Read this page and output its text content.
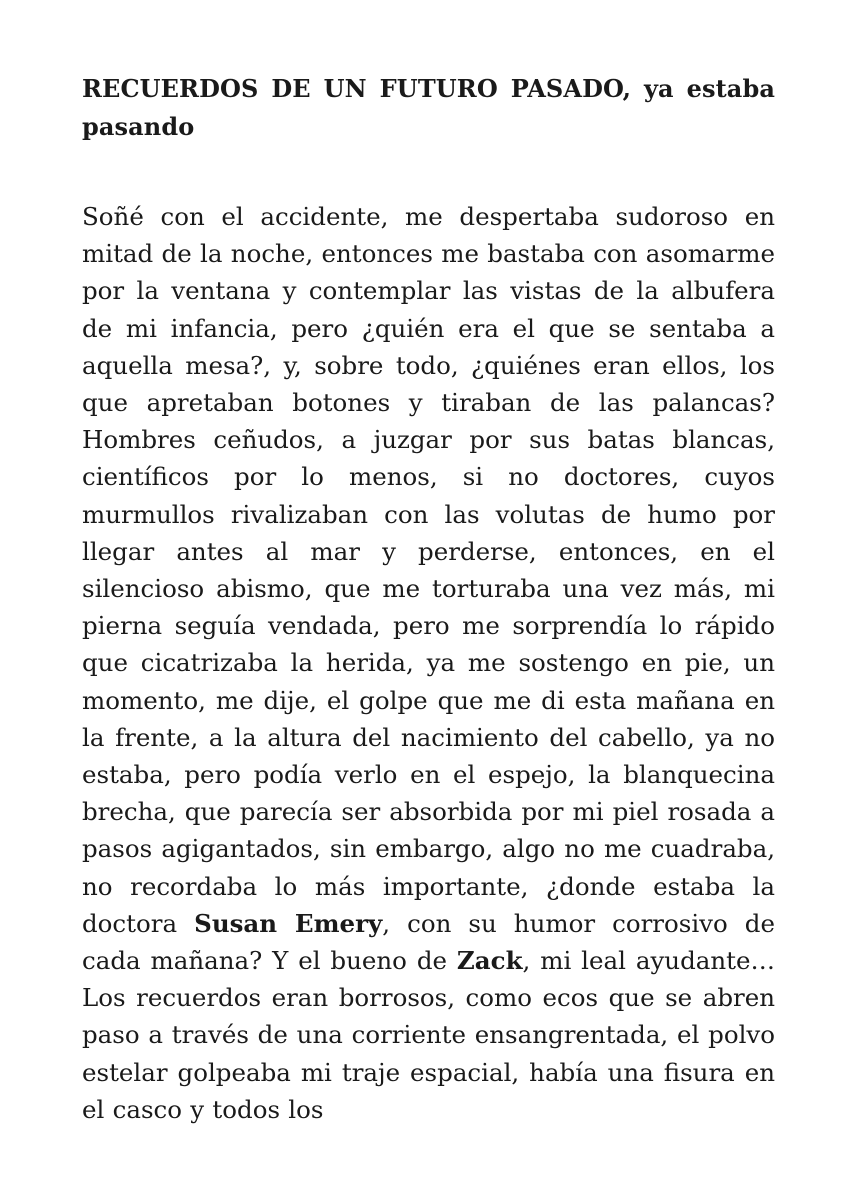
RECUERDOS DE UN FUTURO PASADO, ya estaba pasando

Soñé con el accidente, me despertaba sudoroso en mitad de la noche, entonces me bastaba con asomarme por la ventana y contemplar las vistas de la albufera de mi infancia, pero ¿quién era el que se sentaba a aquella mesa?, y, sobre todo, ¿quiénes eran ellos, los que apretaban botones y tiraban de las palancas? Hombres ceñudos, a juzgar por sus batas blancas, científicos por lo menos, si no doctores, cuyos murmullos rivalizaban con las volutas de humo por llegar antes al mar y perderse, entonces, en el silencioso abismo, que me torturaba una vez más, mi pierna seguía vendada, pero me sorprendía lo rápido que cicatrizaba la herida, ya me sostengo en pie, un momento, me dije, el golpe que me di esta mañana en la frente, a la altura del nacimiento del cabello, ya no estaba, pero podía verlo en el espejo, la blanquecina brecha, que parecía ser absorbida por mi piel rosada a pasos agigantados, sin embargo, algo no me cuadraba, no recordaba lo más importante, ¿donde estaba la doctora Susan Emery, con su humor corrosivo de cada mañana? Y el bueno de Zack, mi leal ayudante… Los recuerdos eran borrosos, como ecos que se abren paso a través de una corriente ensangrentada, el polvo estelar golpeaba mi traje espacial, había una fisura en el casco y todos los
